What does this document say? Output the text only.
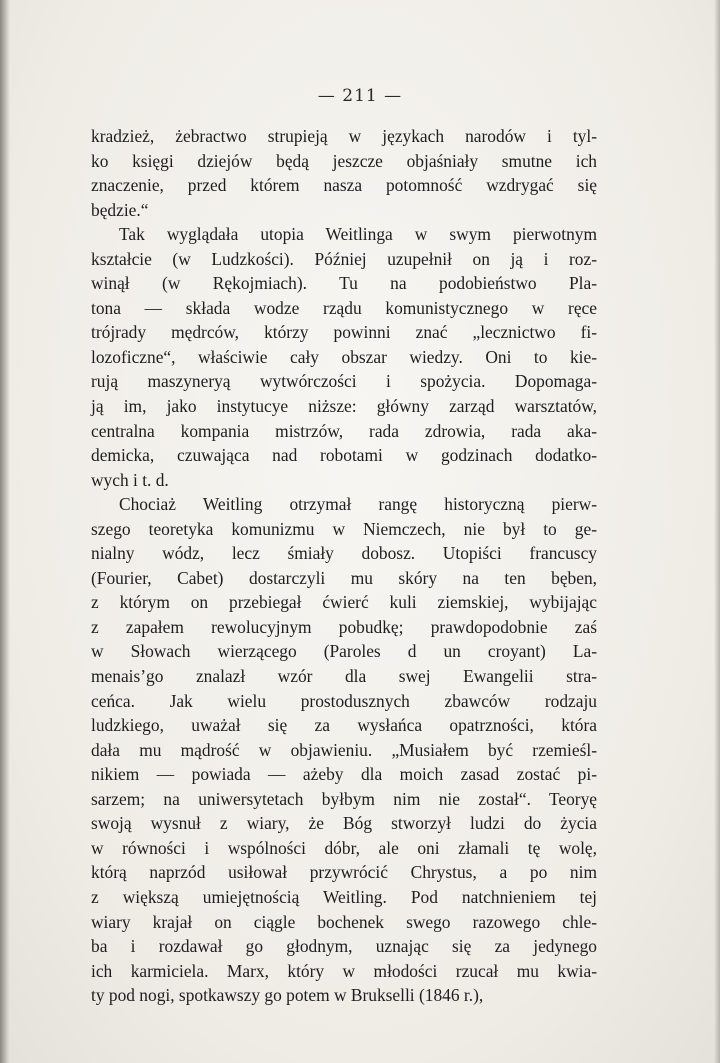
— 211 —
kradzież, żebractwo strupieją w językach narodów i tyl-
ko księgi dziejów będą jeszcze objaśniały smutne ich
znaczenie, przed którem nasza potomność wzdrygać się
będzie.“
Tak wyglądała utopia Weitlinga w swym pierwotnym
kształcie (w Ludzkości). Później uzupełnił on ją i roz-
winął (w Rękojmiach). Tu na podobieństwo Pla-
tona — składa wodze rządu komunistycznego w ręce
trójrady mędrców, którzy powinni znać „lecznictwo fi-
lozoficzne“, właściwie cały obszar wiedzy. Oni to kie-
rują maszyneryą wytwórczości i spożycia. Dopomaga-
ją im, jako instytucye niższe: główny zarząd warsztatów,
centralna kompania mistrzów, rada zdrowia, rada aka-
demicka, czuwająca nad robotami w godzinach dodatko-
wych i t. d.
Chociaż Weitling otrzymał rangę historyczną pierw-
szego teoretyka komunizmu w Niemczech, nie był to ge-
nialny wódz, lecz śmiały dobosz. Utopiści francuscy
(Fourier, Cabet) dostarczyli mu skóry na ten bęben,
z którym on przebiegał ćwierć kuli ziemskiej, wybijając
z zapałem rewolucyjnym pobudkę; prawdopodobnie zaś
w Słowach wierzącego (Paroles d un croyant) La-
menais’go znalazł wzór dla swej Ewangelii stra-
ceńca. Jak wielu prostodusznych zbawców rodzaju
ludzkiego, uważał się za wysłańca opatrzności, która
dała mu mądrość w objawieniu. „Musiałem być rzemieśl-
nikiem — powiada — ażeby dla moich zasad zostać pi-
sarzem; na uniwersytetach byłbym nim nie został“. Teoryę
swoją wysnuł z wiary, że Bóg stworzył ludzi do życia
w równości i wspólności dóbr, ale oni złamali tę wolę,
którą naprzód usiłował przywrócić Chrystus, a po nim
z większą umiejętnością Weitling. Pod natchnieniem tej
wiary krajał on ciągle bochenek swego razowego chle-
ba i rozdawał go głodnym, uznając się za jedynego
ich karmiciela. Marx, który w młodości rzucał mu kwia-
ty pod nogi, spotkawszy go potem w Brukselli (1846 r.),
